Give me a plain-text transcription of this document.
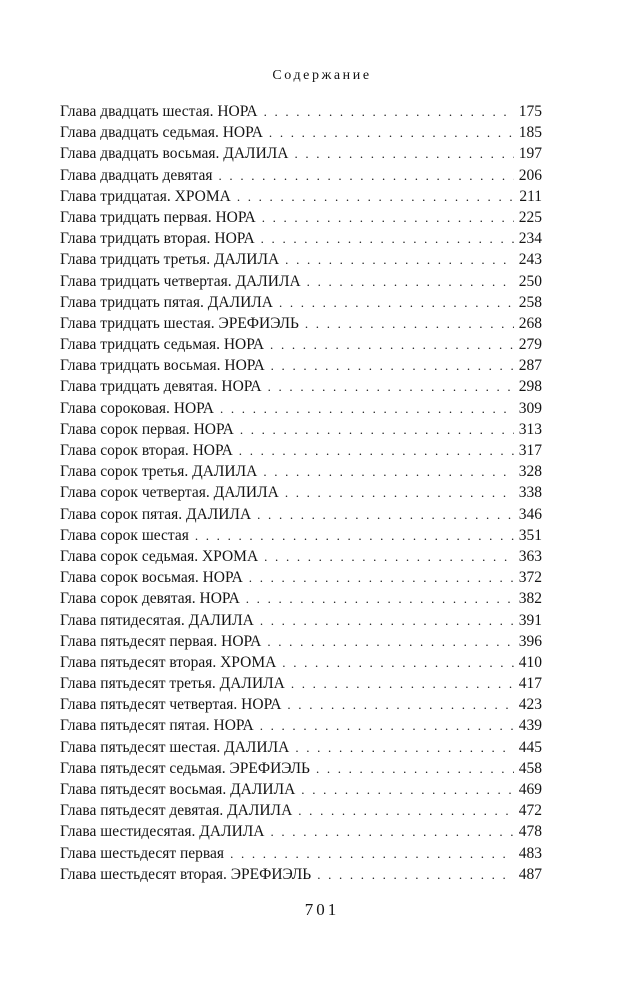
Содержание
Глава двадцать шестая. НОРА . . .	175
Глава двадцать седьмая. НОРА . . .	185
Глава двадцать восьмая. ДАЛИЛА . . .	197
Глава двадцать девятая . . .	206
Глава тридцатая. ХРОМА . . .	211
Глава тридцать первая. НОРА . . .	225
Глава тридцать вторая. НОРА . . .	234
Глава тридцать третья. ДАЛИЛА . . .	243
Глава тридцать четвертая. ДАЛИЛА . . .	250
Глава тридцать пятая. ДАЛИЛА . . .	258
Глава тридцать шестая. ЭРЕФИЭЛЬ . . .	268
Глава тридцать седьмая. НОРА . . .	279
Глава тридцать восьмая. НОРА . . .	287
Глава тридцать девятая. НОРА . . .	298
Глава сороковая. НОРА . . .	309
Глава сорок первая. НОРА . . .	313
Глава сорок вторая. НОРА . . .	317
Глава сорок третья. ДАЛИЛА . . .	328
Глава сорок четвертая. ДАЛИЛА . . .	338
Глава сорок пятая. ДАЛИЛА . . .	346
Глава сорок шестая . . .	351
Глава сорок седьмая. ХРОМА . . .	363
Глава сорок восьмая. НОРА . . .	372
Глава сорок девятая. НОРА . . .	382
Глава пятидесятая. ДАЛИЛА . . .	391
Глава пятьдесят первая. НОРА . . .	396
Глава пятьдесят вторая. ХРОМА . . .	410
Глава пятьдесят третья. ДАЛИЛА . . .	417
Глава пятьдесят четвертая. НОРА . . .	423
Глава пятьдесят пятая. НОРА . . .	439
Глава пятьдесят шестая. ДАЛИЛА . . .	445
Глава пятьдесят седьмая. ЭРЕФИЭЛЬ . . .	458
Глава пятьдесят восьмая. ДАЛИЛА . . .	469
Глава пятьдесят девятая. ДАЛИЛА . . .	472
Глава шестидесятая. ДАЛИЛА . . .	478
Глава шестьдесят первая . . .	483
Глава шестьдесят вторая. ЭРЕФИЭЛЬ . . .	487
701
